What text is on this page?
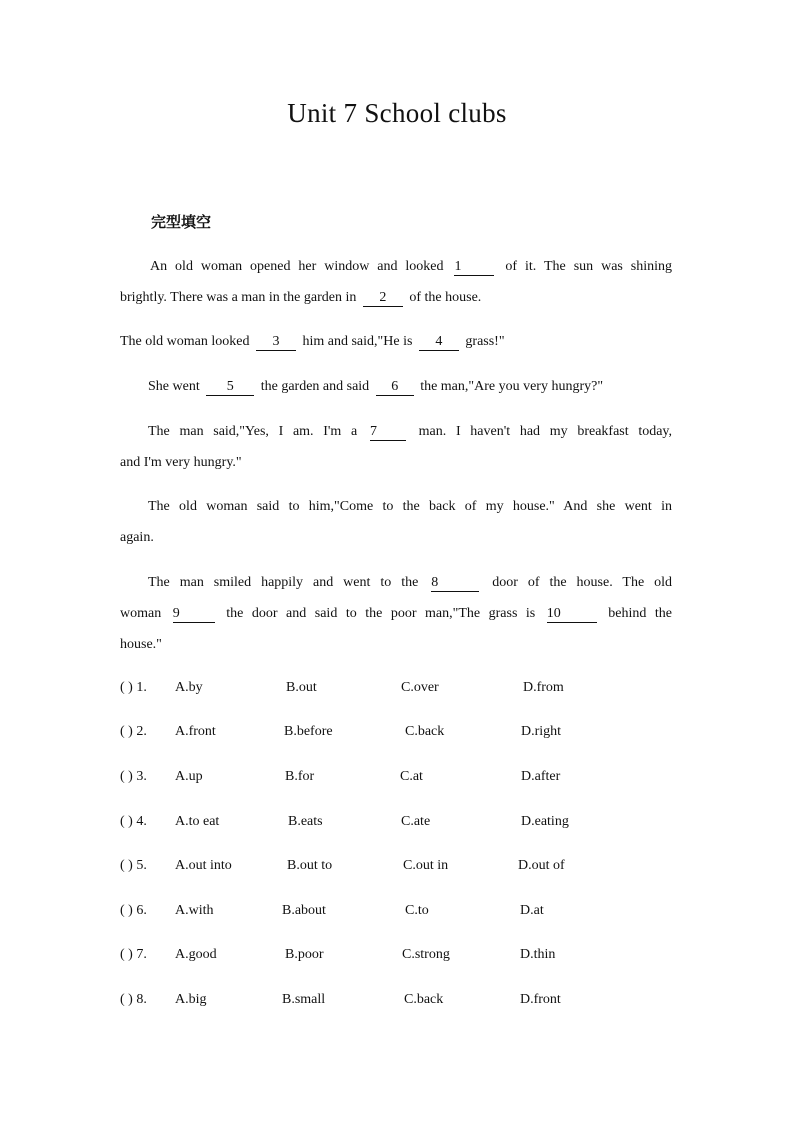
Unit 7 School clubs
完型填空
An old woman opened her window and looked 1	of it. The sun was shining
brightly. There was a man in the garden in 2 of the house.
The old woman looked 3 him and said,"He is 4 grass!"
She went 5 the garden and said 6 the man,"Are you very hungry?"
The man said,"Yes, I am. I'm a 7	man. I haven't had my breakfast today,
and I'm very hungry."
The old woman said to him,"Come to the back of my house." And she went in
again.
The man smiled happily and went to the 8	door of the house. The old
woman 9	the door and said to the poor man,"The grass is 10	behind the
house."
( ) 1. A.by	B.out	C.over	D.from
( ) 2. A.front	B.before	C.back	D.right
( ) 3. A.up	B.for	C.at	D.after
( ) 4. A.to eat	B.eats	C.ate	D.eating
( ) 5. A.out into	B.out to	C.out in	D.out of
( ) 6. A.with	B.about	C.to	D.at
( ) 7. A.good	B.poor	C.strong	D.thin
( ) 8. A.big	B.small	C.back	D.front
